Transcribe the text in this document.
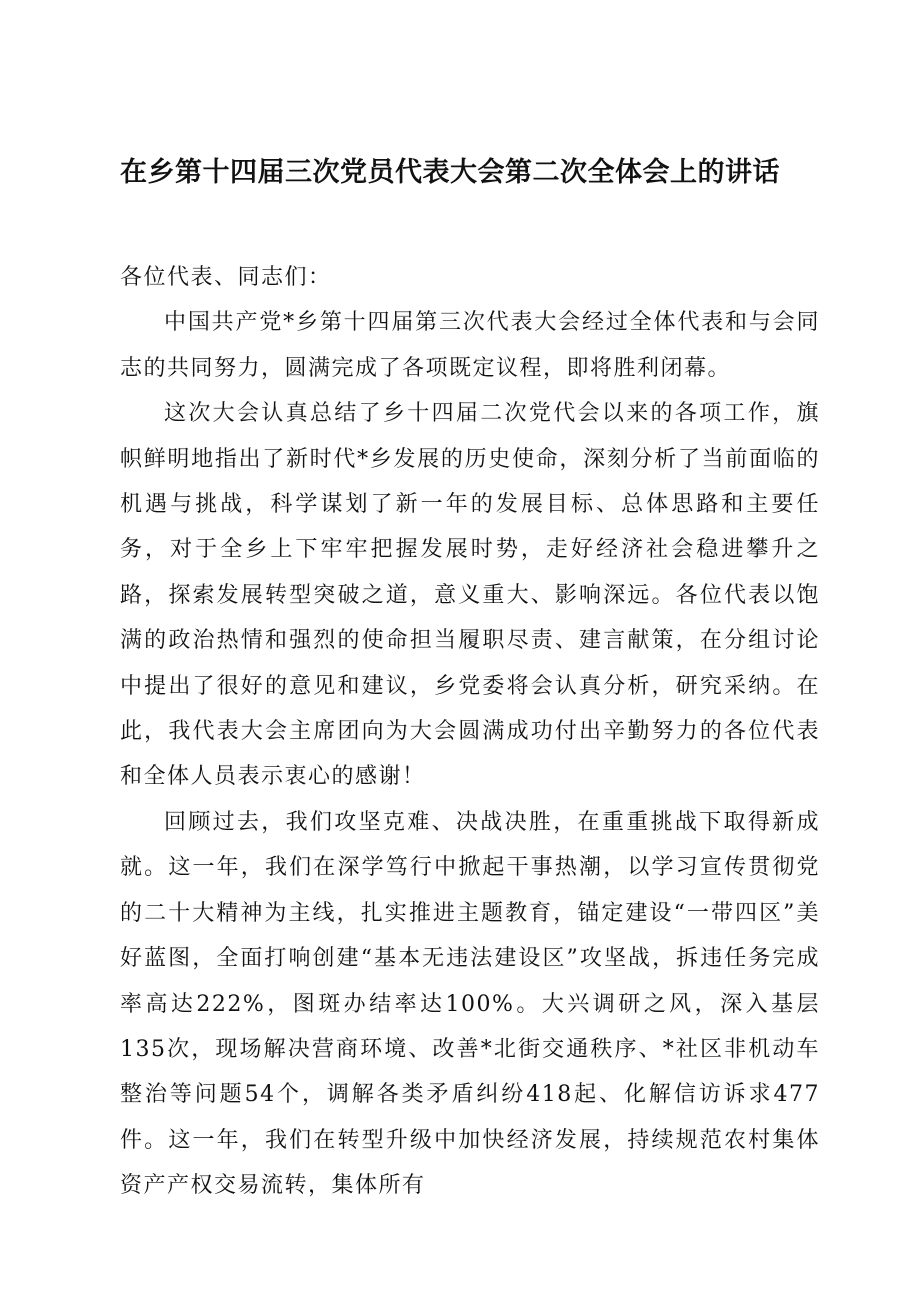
在乡第十四届三次党员代表大会第二次全体会上的讲话

各位代表、同志们：

中国共产党*乡第十四届第三次代表大会经过全体代表和与会同志的共同努力，圆满完成了各项既定议程，即将胜利闭幕。

这次大会认真总结了乡十四届二次党代会以来的各项工作，旗帜鲜明地指出了新时代*乡发展的历史使命，深刻分析了当前面临的机遇与挑战，科学谋划了新一年的发展目标、总体思路和主要任务，对于全乡上下牢牢把握发展时势，走好经济社会稳进攀升之路，探索发展转型突破之道，意义重大、影响深远。各位代表以饱满的政治热情和强烈的使命担当履职尽责、建言献策，在分组讨论中提出了很好的意见和建议，乡党委将会认真分析，研究采纳。在此，我代表大会主席团向为大会圆满成功付出辛勤努力的各位代表和全体人员表示衷心的感谢！

回顾过去，我们攻坚克难、决战决胜，在重重挑战下取得新成就。这一年，我们在深学笃行中掀起干事热潮，以学习宣传贯彻党的二十大精神为主线，扎实推进主题教育，锚定建设“一带四区”美好蓝图，全面打响创建“基本无违法建设区”攻坚战，拆违任务完成率高达222%，图斑办结率达100%。大兴调研之风，深入基层135次，现场解决营商环境、改善*北街交通秩序、*社区非机动车整治等问题54个，调解各类矛盾纠纷418起、化解信访诉求477件。这一年，我们在转型升级中加快经济发展，持续规范农村集体资产产权交易流转，集体所有
